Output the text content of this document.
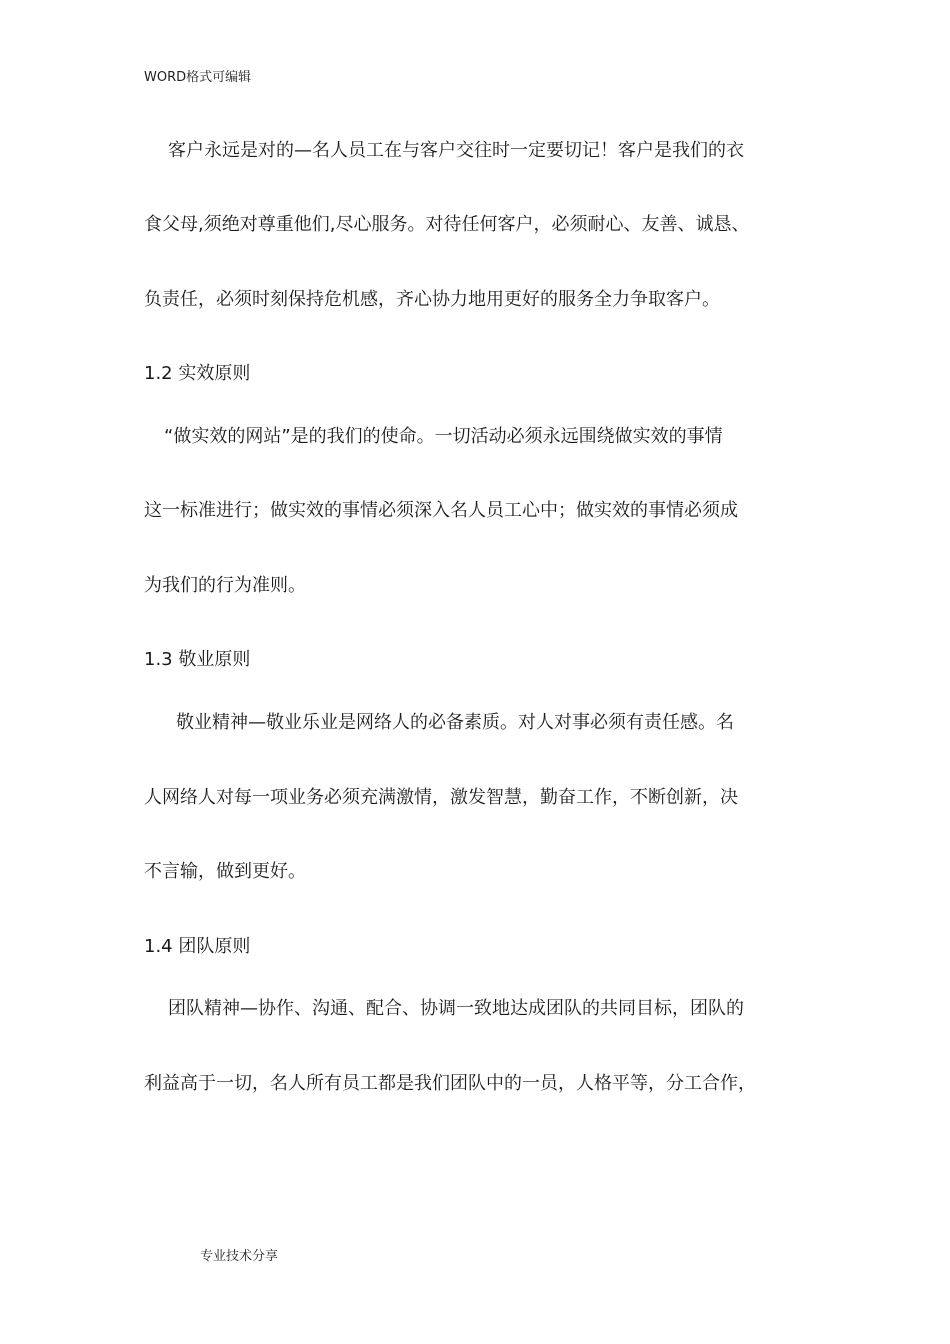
WORD格式可编辑
客户永远是对的—名人员工在与客户交往时一定要切记！客户是我们的衣
食父母,须绝对尊重他们,尽心服务。对待任何客户，必须耐心、友善、诚恳、
负责任，必须时刻保持危机感，齐心协力地用更好的服务全力争取客户。
1.2 实效原则
“做实效的网站”是的我们的使命。一切活动必须永远围绕做实效的事情
这一标准进行；做实效的事情必须深入名人员工心中；做实效的事情必须成
为我们的行为准则。
1.3 敬业原则
敬业精神—敬业乐业是网络人的必备素质。对人对事必须有责任感。名
人网络人对每一项业务必须充满激情，激发智慧，勤奋工作，不断创新，决
不言输，做到更好。
1.4 团队原则
团队精神—协作、沟通、配合、协调一致地达成团队的共同目标，团队的
利益高于一切，名人所有员工都是我们团队中的一员，人格平等，分工合作，
专业技术分享
